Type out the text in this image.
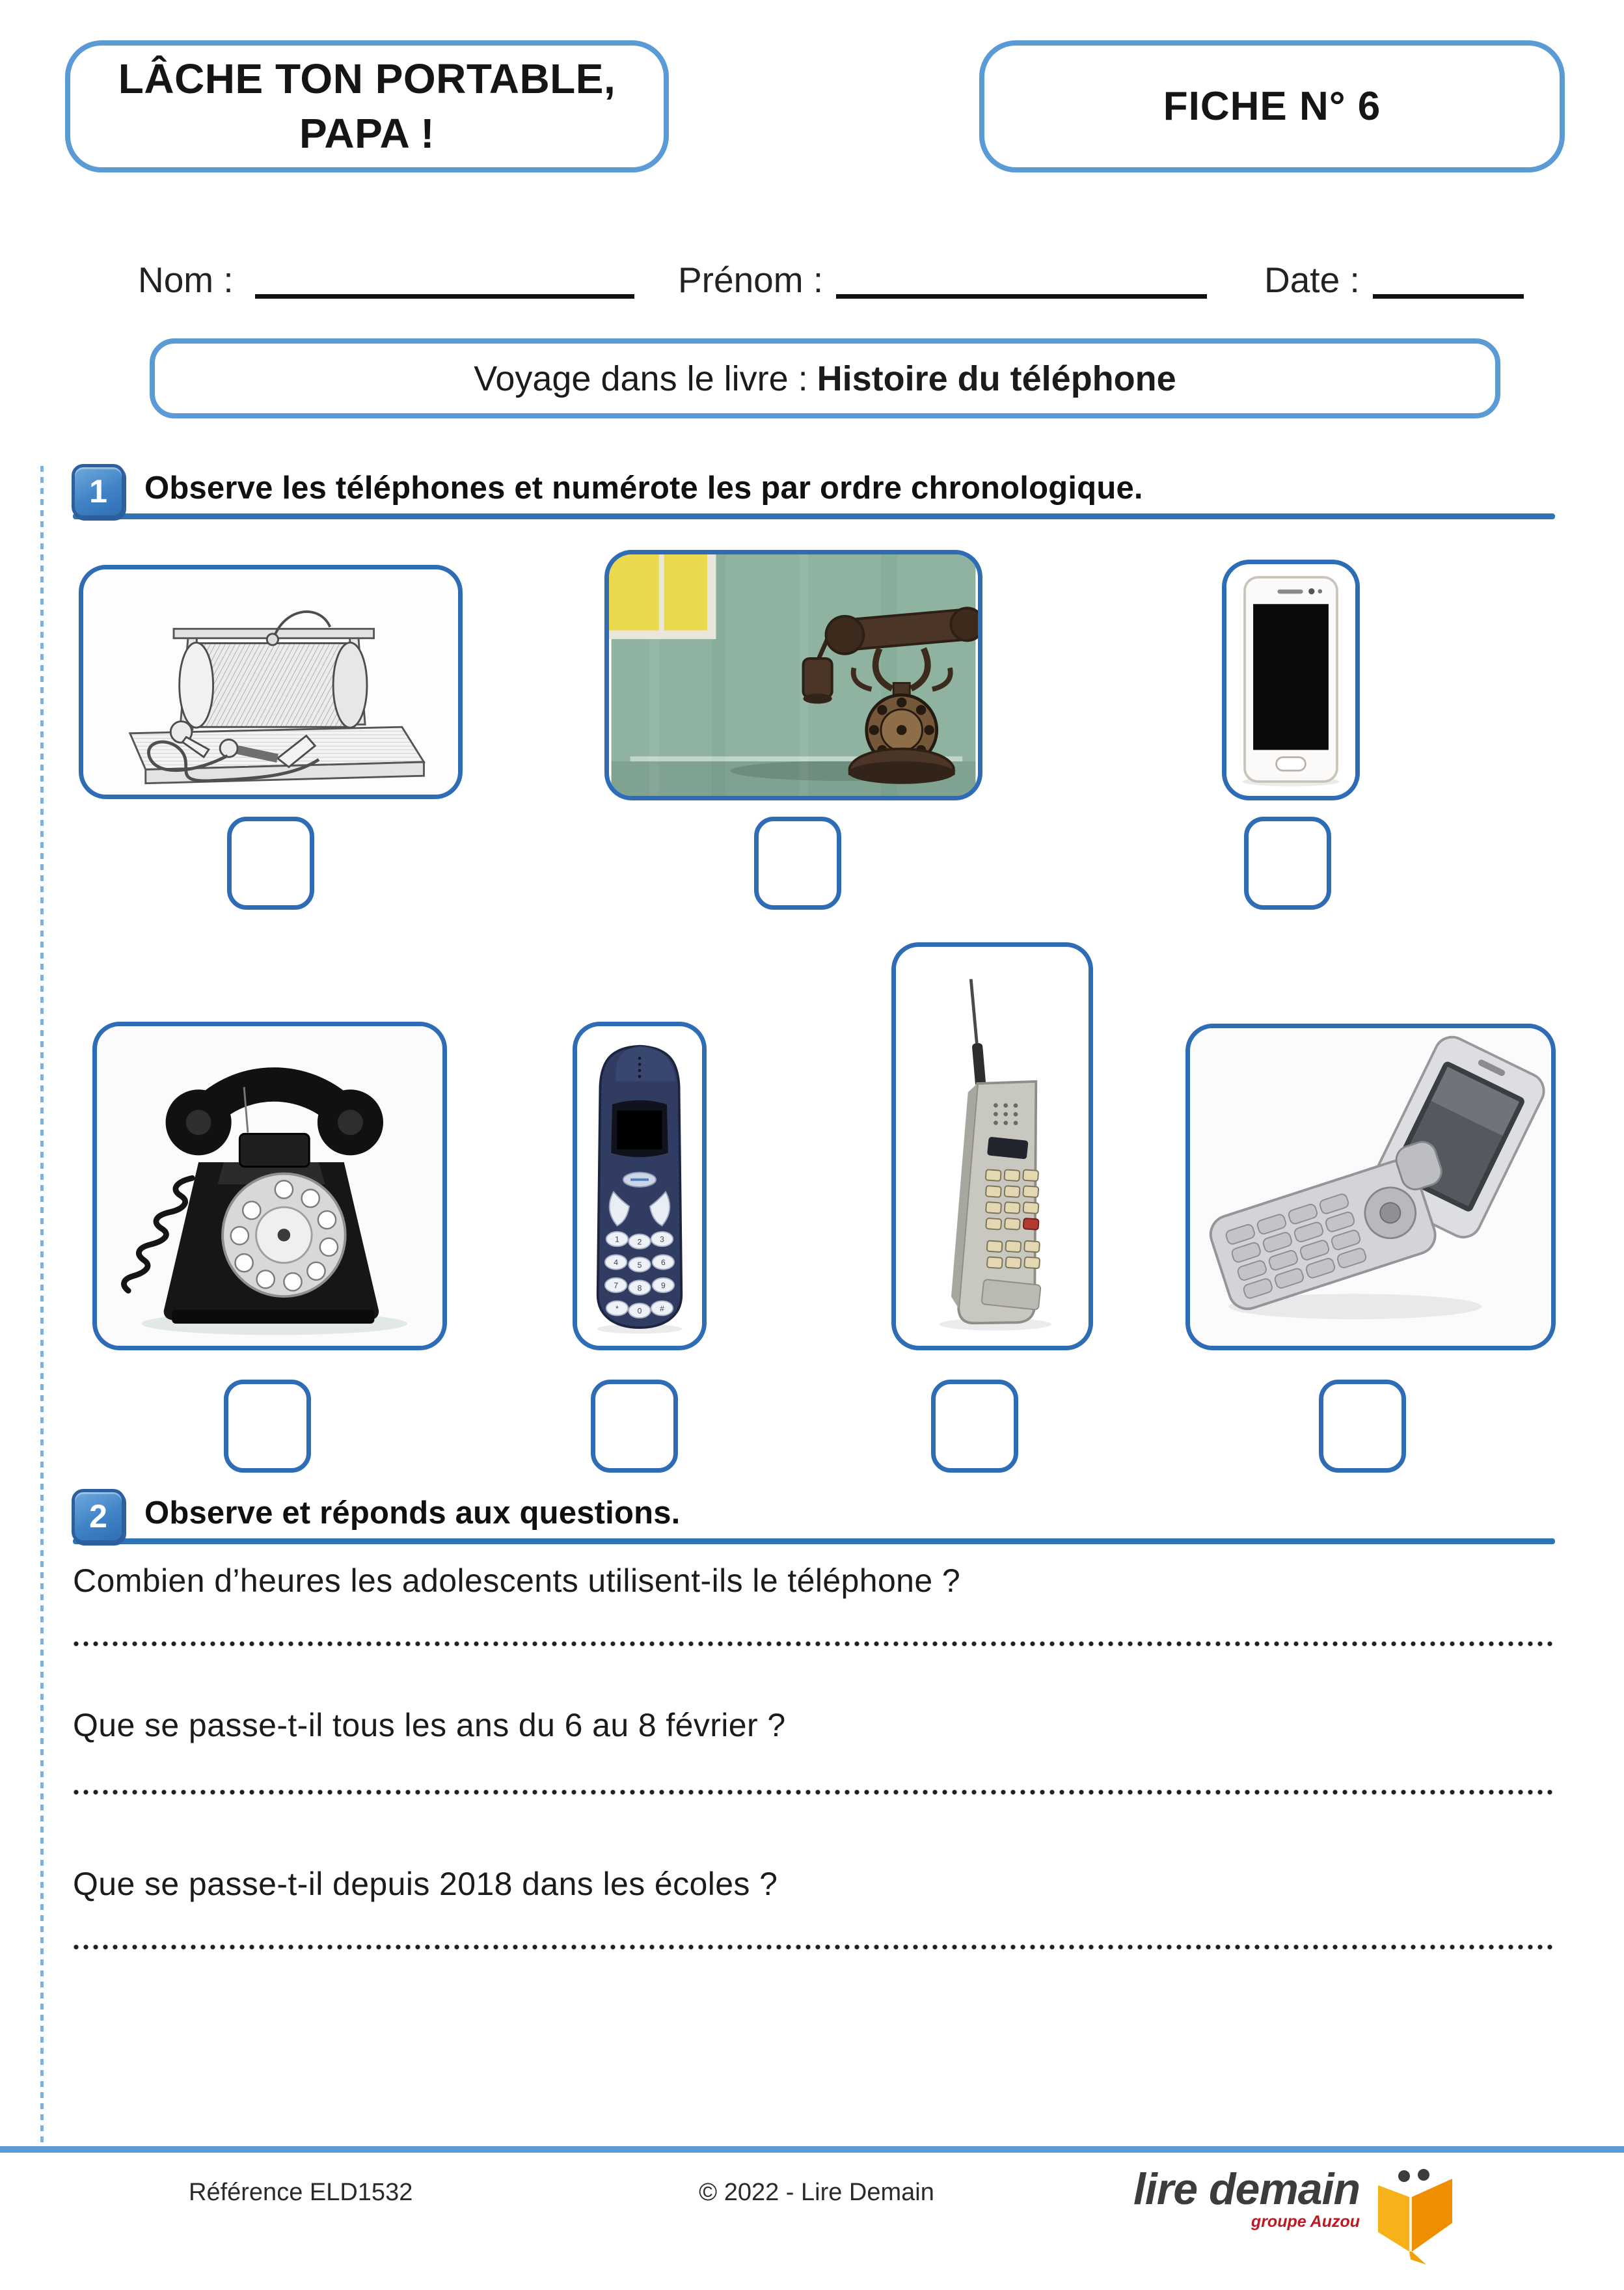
LÂCHE TON PORTABLE,
PAPA !
FICHE N° 6
Nom :	Prénom :	Date :
Voyage dans le livre : Histoire du téléphone
1	Observe les téléphones et numérote les par ordre chronologique.
1 2 3
4 5 6
7 8 9
* 0 #
2	Observe et réponds aux questions.
Combien d’heures les adolescents utilisent-ils le téléphone ?
Que se passe-t-il tous les ans du 6 au 8 février ?
Que se passe-t-il depuis 2018 dans les écoles ?
Référence ELD1532	© 2022 - Lire Demain	lire demain
groupe Auzou
